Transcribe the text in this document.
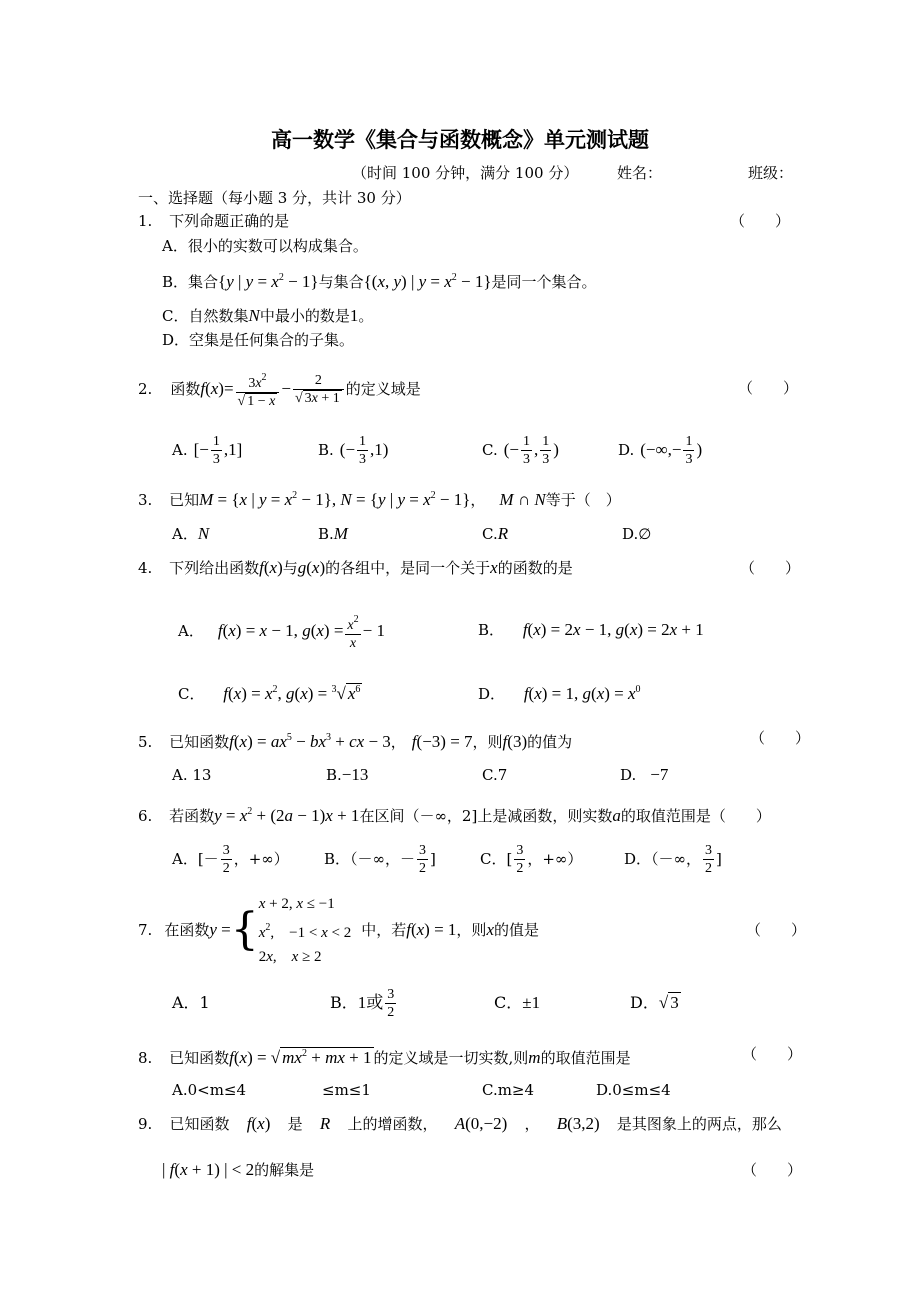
高一数学《集合与函数概念》单元测试题
（时间 100 分钟，满分 100 分）	姓名：	班级：
一、选择题（每小题 3 分，共计 30 分）
1. 下列命题正确的是	（　　）
A．很小的实数可以构成集合。
B．集合{y | $y = x^2 - 1$}与集合{(x, y) | $y = x^2 - 1$}是同一个集合。
C．自然数集N中最小的数是1。
D．空集是任何集合的子集。
2. 函数 $f(x)= \frac{3x^2}{√ 1 - x} - \frac{2}{√ 3x + 1}$ 的定义域是	（　　）
A. [− $\frac{1}{3} ,1$]	B. (− $\frac{1}{3} ,1$)	C. (− $\frac{1}{3}$ , $\frac{1}{3}$ )	D. (−∞,− $\frac{1}{3}$ )
3. 已知M = {x | $y = x^2 - 1$}, N = {y | $y = x^2 - 1$}， M ∩ N等于（　）
A．N	B.M	C.R	D.∅
4. 下列给出函数f(x)与g(x)的各组中，是同一个关于x的函数的是	（　　）
A． f(x) = x − 1, $g(x) = \frac{x^2}{x} - 1$	B． f(x) = 2x − 1, g(x) = 2x + 1
C． $f(x) = x^2$, g(x) = $^3$√ $x^6$	D． f(x) = 1, $g(x) = x^0$
5. 已知函数$f(x) = ax^5 - bx^3$ + cx − 3， f(−3) = 7，则f(3)的值为	（　　）
A. 13	B.−13	C.7	D. −7
6. 若函数$y = x^2 + (2a - 1)x + 1$在区间（－∞，2]上是减函数，则实数a的取值范围是（　　）
A．[－ $\frac{3}{2}$ ，+∞） B．（－∞，－ $\frac{3}{2}$ ]	C．[ $\frac{3}{2}$ ，+∞）	D．（－∞， $\frac{3}{2}$ ]
7. 在函数 y = {
x + 2, x ≤ −1
$x^2$,　−1 < x < 2
2x,　x ≥ 2
中，若 f(x) = 1 ，则 x 的值是	（　　）
A．1	B． 1或 $\frac{3}{2}$	C．±1	D．√ 3
8. 已知函数f(x) = √ $mx^2$ + mx + 1 的定义域是一切实数,则m的取值范围是	（　　）
A.0<m≤4	≤m≤1	C.m≥4	D.0≤m≤4
9. 已知函数 f(x) 是 R 上的增函数， A(0,−2) ， B(3,2) 是其图象上的两点，那么
| f(x + 1) | < 2的解集是	（　　）
